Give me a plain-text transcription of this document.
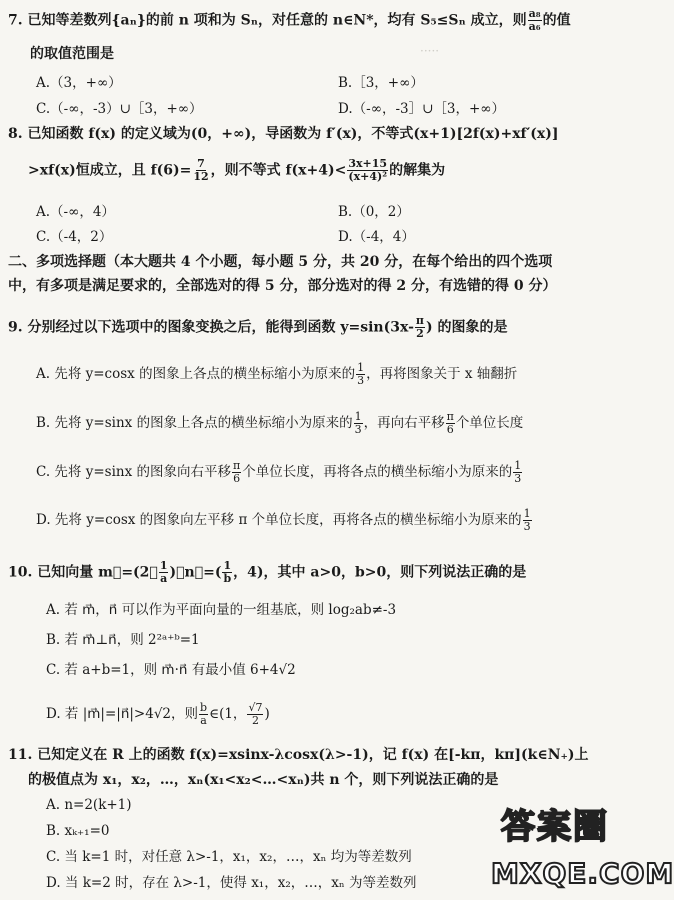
·····
7. 已知等差数列{aₙ}的前 n 项和为 Sₙ，对任意的 n∈N*，均有 S₅≤Sₙ 成立，则 $\frac{\text{a₈}}{\text{a₆}}$ 的值
的取值范围是
A.（3，+∞）	B.［3，+∞）
C.（-∞，-3）∪［3，+∞）	D.（-∞，-3］∪［3，+∞）
8. 已知函数 f(x) 的定义域为(0，+∞)，导函数为 f′(x)，不等式(x+1)[2f(x)+xf′(x)]
>xf(x)恒成立，且 $f(6)= \frac{7}{12}$ ，则不等式 $f(x+4)< \frac{3x+15}{\text{(x+4)²}}$ 的解集为
A.（-∞，4）	B.（0，2）
C.（-4，2）	D.（-4，4）
二、多项选择题（本大题共 4 个小题，每小题 5 分，共 20 分，在每个给出的四个选项
中，有多项是满足要求的，全部选对的得 5 分，部分选对的得 2 分，有选错的得 0 分）
9. 分别经过以下选项中的图象变换之后，能得到函数 $y=\sin(3x- \frac{\pi}{2}$ ) 的图象的是
A. 先将 y=cosx 的图象上各点的横坐标缩小为原来的 $\frac{1}{3}$ ，再将图象关于 x 轴翻折
B. 先将 y=sinx 的图象上各点的横坐标缩小为原来的 $\frac{1}{3}$ ，再向右平移 $\frac{\pi}{6}$ 个单位长度
C. 先将 y=sinx 的图象向右平移 $\frac{\pi}{6}$ 个单位长度，再将各点的横坐标缩小为原来的 $\frac{1}{3}$
D. 先将 y=cosx 的图象向左平移 π 个单位长度，再将各点的横坐标缩小为原来的 $\frac{1}{3}$
10. 已知向量 m⃗=(2， $\frac{1}{a}$ )，n⃗=( $\frac{1}{b}$ ，4)，其中 a>0，b>0，则下列说法正确的是
A. 若 m⃗，n⃗ 可以作为平面向量的一组基底，则 log₂ab≠-3
B. 若 m⃗⊥n⃗，则 2²ᵃ⁺ᵇ=1
C. 若 a+b=1，则 m⃗·n⃗ 有最小值 6+4√2
D. 若 |m⃗|=|n⃗|>4√2，则 $\frac{b}{a}$ ∈(1， $\frac{√7}{2}$ )
11. 已知定义在 R 上的函数 f(x)=xsinx-λcosx(λ>-1)，记 f(x) 在[-kπ，kπ](k∈N₊)上
的极值点为 x₁，x₂，…，xₙ(x₁<x₂<…<xₙ)共 n 个，则下列说法正确的是
A. n=2(k+1)
B. xₖ₊₁=0
C. 当 k=1 时，对任意 λ>-1，x₁，x₂，…，xₙ 均为等差数列
D. 当 k=2 时，存在 λ>-1，使得 x₁，x₂，…，xₙ 为等差数列
答案圈
MXQE.COM
